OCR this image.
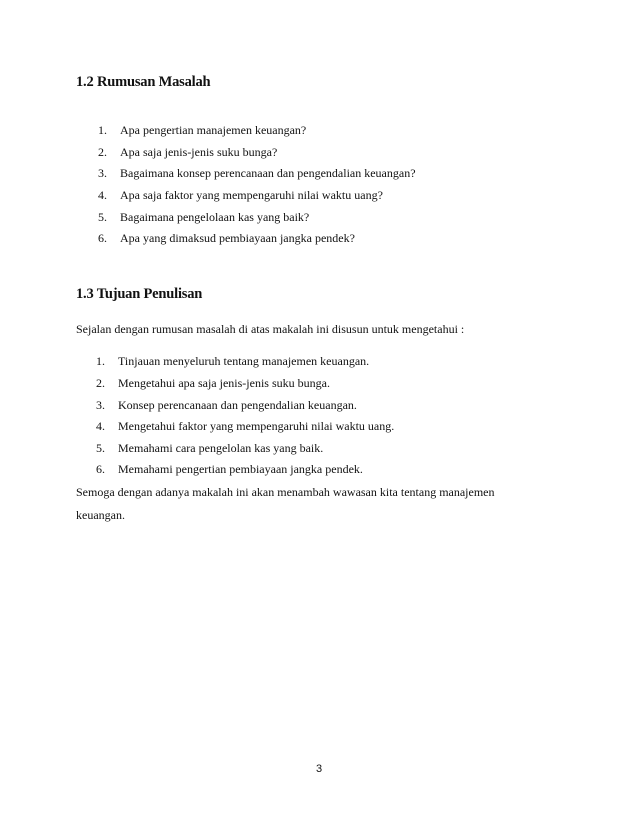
1.2 Rumusan Masalah
1. Apa pengertian manajemen keuangan?
2. Apa saja jenis-jenis suku bunga?
3. Bagaimana konsep perencanaan dan pengendalian keuangan?
4. Apa saja faktor yang mempengaruhi nilai waktu uang?
5. Bagaimana pengelolaan kas yang baik?
6. Apa yang dimaksud pembiayaan jangka pendek?
1.3 Tujuan Penulisan
Sejalan dengan rumusan masalah di atas makalah ini disusun untuk mengetahui :
1. Tinjauan menyeluruh tentang manajemen keuangan.
2. Mengetahui apa saja jenis-jenis suku bunga.
3. Konsep perencanaan dan pengendalian keuangan.
4. Mengetahui faktor yang mempengaruhi nilai waktu uang.
5. Memahami cara pengelolan kas yang baik.
6. Memahami pengertian pembiayaan jangka pendek.
Semoga dengan adanya makalah ini akan menambah wawasan kita tentang manajemen
keuangan.
3
